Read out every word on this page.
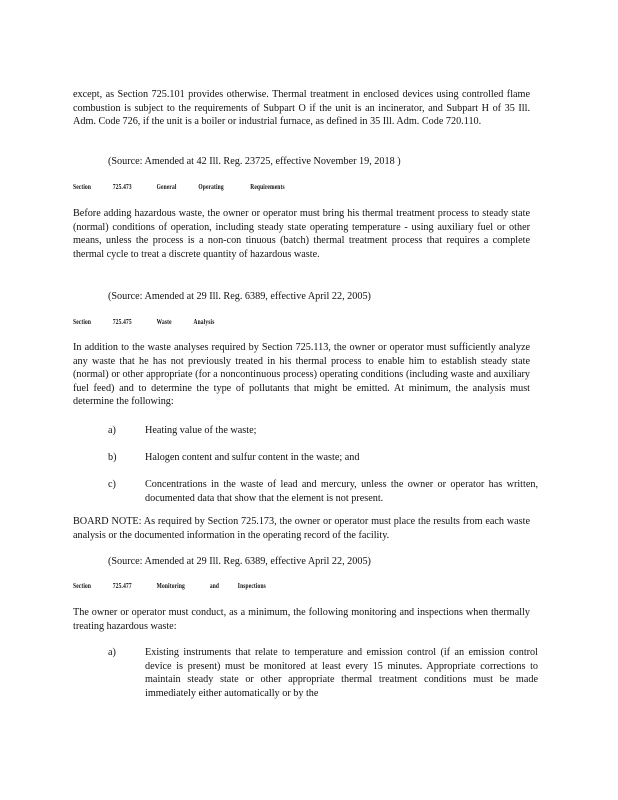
except, as Section 725.101 provides otherwise. Thermal treatment in enclosed devices using controlled flame combustion is subject to the requirements of Subpart O if the unit is an incinerator, and Subpart H of 35 Ill. Adm. Code 726, if the unit is a boiler or industrial furnace, as defined in 35 Ill. Adm. Code 720.110.

(Source: Amended at 42 Ill. Reg. 23725, effective November 19, 2018 )

Section	725.473	General	Operating	Requirements

Before adding hazardous waste, the owner or operator must bring his thermal treatment process to steady state (normal) conditions of operation, including steady state operating temperature - using auxiliary fuel or other means, unless the process is a non-con tinuous (batch) thermal treatment process that requires a complete thermal cycle to treat a discrete quantity of hazardous waste.

(Source: Amended at 29 Ill. Reg. 6389, effective April 22, 2005)

Section	725.475	Waste	Analysis

In addition to the waste analyses required by Section 725.113, the owner or operator must sufficiently analyze any waste that he has not previously treated in his thermal process to enable him to establish steady state (normal) or other appropriate (for a noncontinuous process) operating conditions (including waste and auxiliary fuel feed) and to determine the type of pollutants that might be emitted. At minimum, the analysis must determine the following:

a)	Heating value of the waste;

b)	Halogen content and sulfur content in the waste; and

c)	Concentrations in the waste of lead and mercury, unless the owner or operator has written, documented data that show that the element is not present.

BOARD NOTE: As required by Section 725.173, the owner or operator must place the results from each waste analysis or the documented information in the operating record of the facility.

(Source: Amended at 29 Ill. Reg. 6389, effective April 22, 2005)

Section	725.477	Monitoring	and	Inspections

The owner or operator must conduct, as a minimum, the following monitoring and inspections when thermally treating hazardous waste:

a)	Existing instruments that relate to temperature and emission control (if an emission control device is present) must be monitored at least every 15 minutes. Appropriate corrections to maintain steady state or other appropriate thermal treatment conditions must be made immediately either automatically or by the
